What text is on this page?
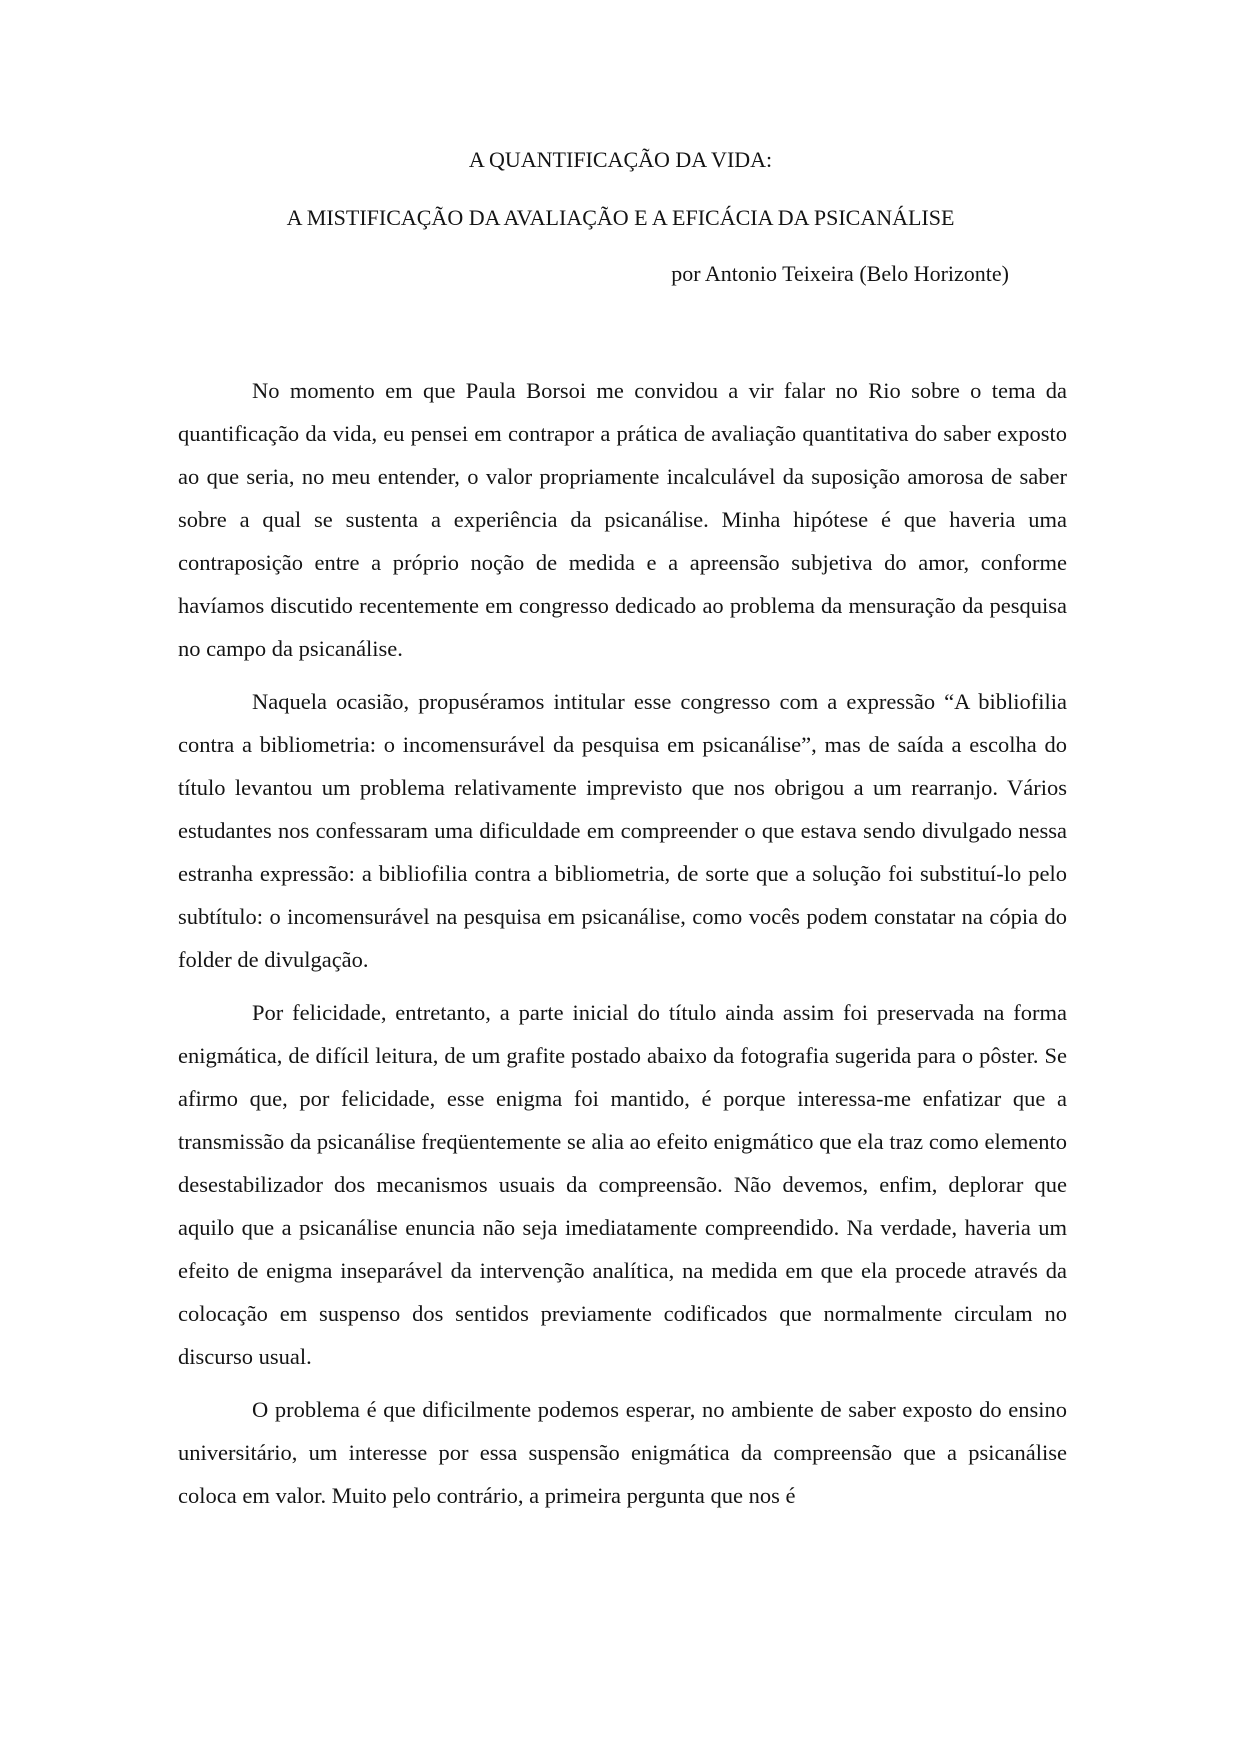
A QUANTIFICAÇÃO DA VIDA:
A MISTIFICAÇÃO DA AVALIAÇÃO E A EFICÁCIA DA PSICANÁLISE

por Antonio Teixeira (Belo Horizonte)

No momento em que Paula Borsoi me convidou a vir falar no Rio sobre o tema da quantificação da vida, eu pensei em contrapor a prática de avaliação quantitativa do saber exposto ao que seria, no meu entender, o valor propriamente incalculável da suposição amorosa de saber sobre a qual se sustenta a experiência da psicanálise. Minha hipótese é que haveria uma contraposição entre a próprio noção de medida e a apreensão subjetiva do amor, conforme havíamos discutido recentemente em congresso dedicado ao problema da mensuração da pesquisa no campo da psicanálise.

Naquela ocasião, propuséramos intitular esse congresso com a expressão “A bibliofilia contra a bibliometria: o incomensurável da pesquisa em psicanálise”, mas de saída a escolha do título levantou um problema relativamente imprevisto que nos obrigou a um rearranjo. Vários estudantes nos confessaram uma dificuldade em compreender o que estava sendo divulgado nessa estranha expressão: a bibliofilia contra a bibliometria, de sorte que a solução foi substituí-lo pelo subtítulo: o incomensurável na pesquisa em psicanálise, como vocês podem constatar na cópia do folder de divulgação.

Por felicidade, entretanto, a parte inicial do título ainda assim foi preservada na forma enigmática, de difícil leitura, de um grafite postado abaixo da fotografia sugerida para o pôster. Se afirmo que, por felicidade, esse enigma foi mantido, é porque interessa-me enfatizar que a transmissão da psicanálise freqüentemente se alia ao efeito enigmático que ela traz como elemento desestabilizador dos mecanismos usuais da compreensão. Não devemos, enfim, deplorar que aquilo que a psicanálise enuncia não seja imediatamente compreendido. Na verdade, haveria um efeito de enigma inseparável da intervenção analítica, na medida em que ela procede através da colocação em suspenso dos sentidos previamente codificados que normalmente circulam no discurso usual.

O problema é que dificilmente podemos esperar, no ambiente de saber exposto do ensino universitário, um interesse por essa suspensão enigmática da compreensão que a psicanálise coloca em valor. Muito pelo contrário, a primeira pergunta que nos é
